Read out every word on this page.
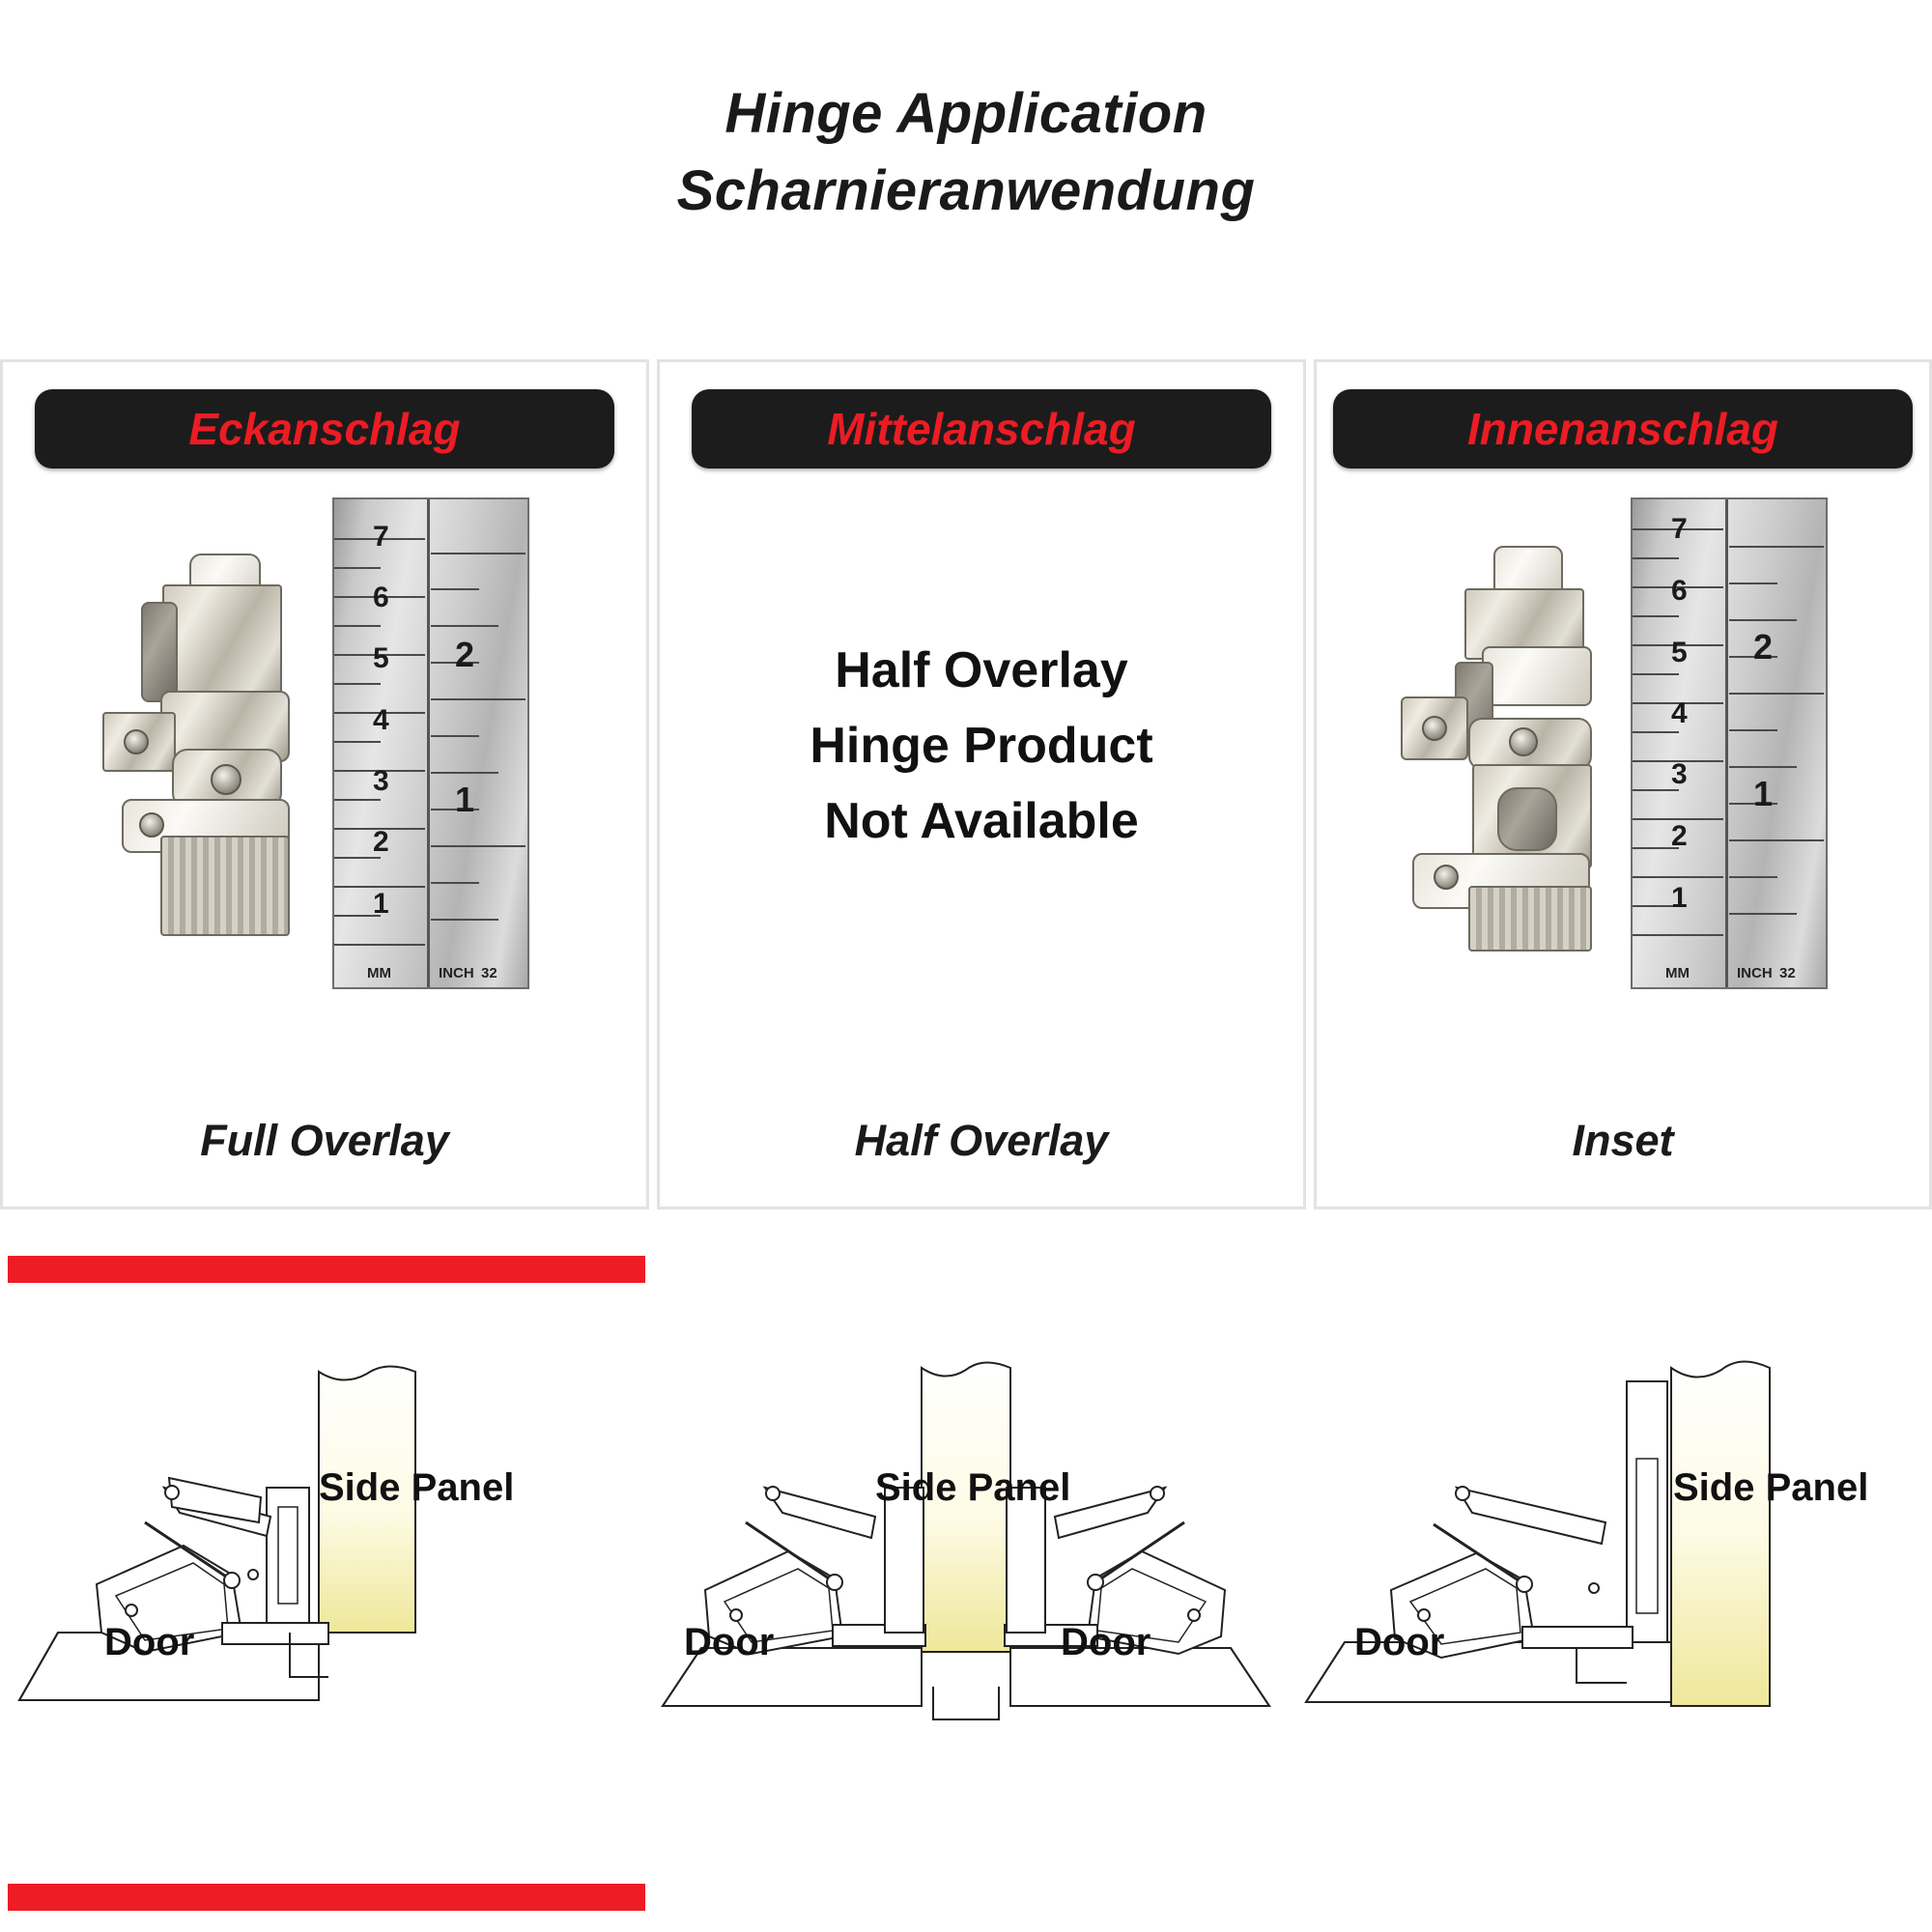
Hinge Application
Scharnieranwendung
Eckanschlag
7
6
5
4
3
2
1
2
1
MM	INCH 32
Full Overlay
Mittelanschlag
Half Overlay
Hinge Product
Not Available
Half Overlay
Innenanschlag
7
6
5
4
3
2
1
2
1
MM	INCH 32
Inset
Side Panel
Door
Side Panel
Door	Door
Side Panel
Door
